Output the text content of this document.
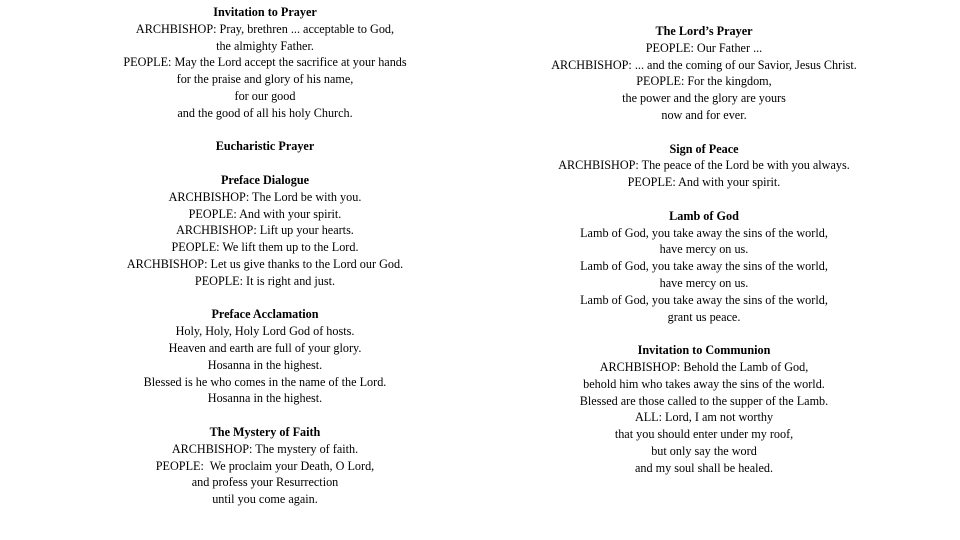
Invitation to Prayer
ARCHBISHOP: Pray, brethren ... acceptable to God,
the almighty Father.
PEOPLE: May the Lord accept the sacrifice at your hands
for the praise and glory of his name,
for our good
and the good of all his holy Church.
Eucharistic Prayer
Preface Dialogue
ARCHBISHOP: The Lord be with you.
PEOPLE: And with your spirit.
ARCHBISHOP: Lift up your hearts.
PEOPLE: We lift them up to the Lord.
ARCHBISHOP: Let us give thanks to the Lord our God.
PEOPLE: It is right and just.
Preface Acclamation
Holy, Holy, Holy Lord God of hosts.
Heaven and earth are full of your glory.
Hosanna in the highest.
Blessed is he who comes in the name of the Lord.
Hosanna in the highest.
The Mystery of Faith
ARCHBISHOP: The mystery of faith.
PEOPLE:  We proclaim your Death, O Lord,
and profess your Resurrection
until you come again.
The Lord’s Prayer
PEOPLE: Our Father ...
ARCHBISHOP: ... and the coming of our Savior, Jesus Christ.
PEOPLE: For the kingdom,
the power and the glory are yours
now and for ever.
Sign of Peace
ARCHBISHOP: The peace of the Lord be with you always.
PEOPLE: And with your spirit.
Lamb of God
Lamb of God, you take away the sins of the world,
have mercy on us.
Lamb of God, you take away the sins of the world,
have mercy on us.
Lamb of God, you take away the sins of the world,
grant us peace.
Invitation to Communion
ARCHBISHOP: Behold the Lamb of God,
behold him who takes away the sins of the world.
Blessed are those called to the supper of the Lamb.
ALL: Lord, I am not worthy
that you should enter under my roof,
but only say the word
and my soul shall be healed.
